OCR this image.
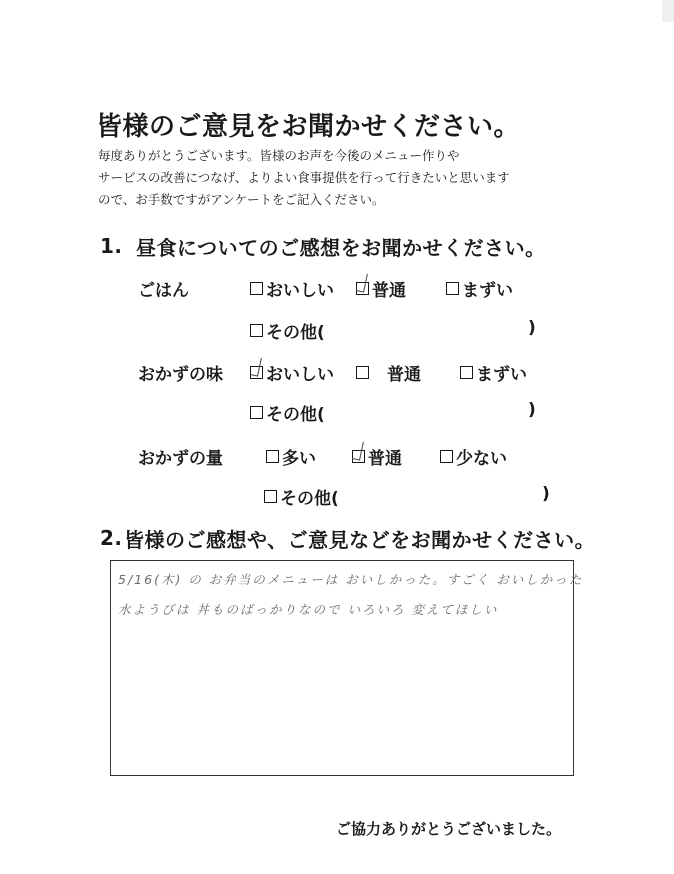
皆様のご意見をお聞かせください。
毎度ありがとうございます。皆様のお声を今後のメニュー作りや
サービスの改善につなげ、よりよい食事提供を行って行きたいと思います
ので、お手数ですがアンケートをご記入ください。
1. 昼食についてのご感想をお聞かせください。
ごはん	おいしい 普通	まずい
その他(	)
おかずの味	おいしい	普通	まずい
その他(	)
おかずの量	多い	普通	少ない
その他(	)
2. 皆様のご感想や、ご意見などをお聞かせください。
5/16(木) の お弁当のメニューは おいしかった。すごく おいしかった
水ようびは 丼ものばっかりなので いろいろ 変えてほしい
ご協力ありがとうございました。
